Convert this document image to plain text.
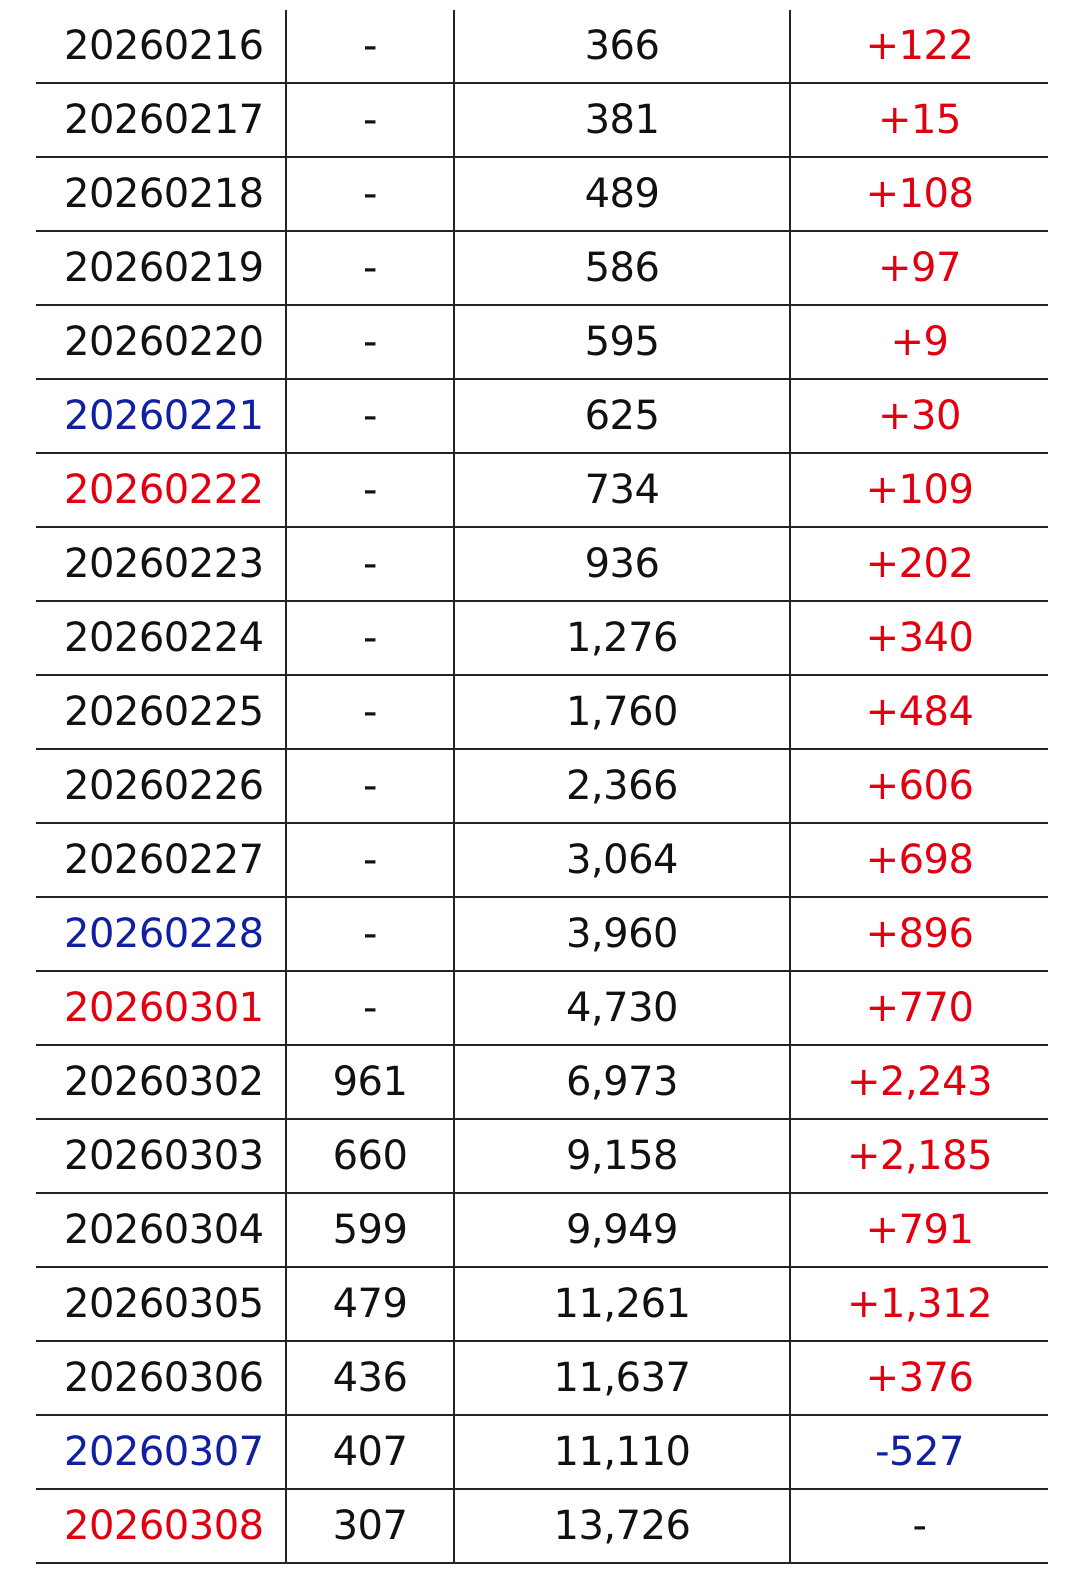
20260216	-	366	+122
20260217	-	381	+15
20260218	-	489	+108
20260219	-	586	+97
20260220	-	595	+9
20260221	-	625	+30
20260222	-	734	+109
20260223	-	936	+202
20260224	-	1,276	+340
20260225	-	1,760	+484
20260226	-	2,366	+606
20260227	-	3,064	+698
20260228	-	3,960	+896
20260301	-	4,730	+770
20260302	961	6,973	+2,243
20260303	660	9,158	+2,185
20260304	599	9,949	+791
20260305	479	11,261	+1,312
20260306	436	11,637	+376
20260307	407	11,110	-527
20260308	307	13,726	-
